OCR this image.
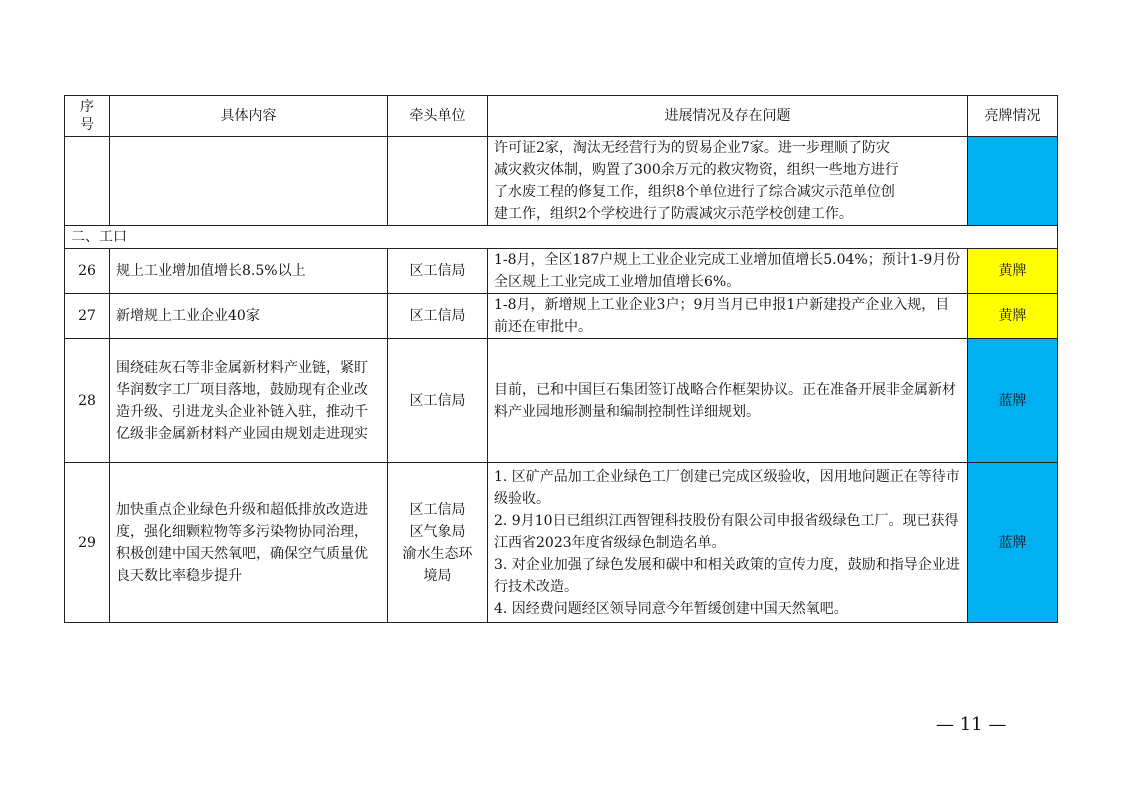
序号	具体内容	牵头单位	进展情况及存在问题	亮牌情况

			许可证2家，淘汰无经营行为的贸易企业7家。进一步理顺了防灾
减灾救灾体制，购置了300余万元的救灾物资，组织一些地方进行
了水废工程的修复工作，组织8个单位进行了综合减灾示范单位创
建工作，组织2个学校进行了防震减灾示范学校创建工作。	

二、工口				
26	规上工业增加值增长8.5%以上	区工信局	1-8月，全区187户规上工业企业完成工业增加值增长5.04%；预计1-9月份全区规上工业完成工业增加值增长6%。	黄牌
27	新增规上工业企业40家	区工信局	1-8月，新增规上工业企业3户；9月当月已申报1户新建投产企业入规，目前还在审批中。	黄牌
28	围绕硅灰石等非金属新材料产业链，紧盯华润数字工厂项目落地，鼓励现有企业改造升级、引进龙头企业补链入驻，推动千亿级非金属新材料产业园由规划走进现实	区工信局	目前，已和中国巨石集团签订战略合作框架协议。正在准备开展非金属新材料产业园地形测量和编制控制性详细规划。	蓝牌
29	加快重点企业绿色升级和超低排放改造进度，强化细颗粒物等多污染物协同治理，积极创建中国天然氧吧，确保空气质量优良天数比率稳步提升	区工信局
区气象局
渝水生态环
境局	1. 区矿产品加工企业绿色工厂创建已完成区级验收，因用地问题正在等待市级验收。
2. 9月10日已组织江西智锂科技股份有限公司申报省级绿色工厂。现已获得江西省2023年度省级绿色制造名单。
3. 对企业加强了绿色发展和碳中和相关政策的宣传力度，鼓励和指导企业进行技术改造。
4. 因经费问题经区领导同意今年暂缓创建中国天然氧吧。	蓝牌
— 11 —
